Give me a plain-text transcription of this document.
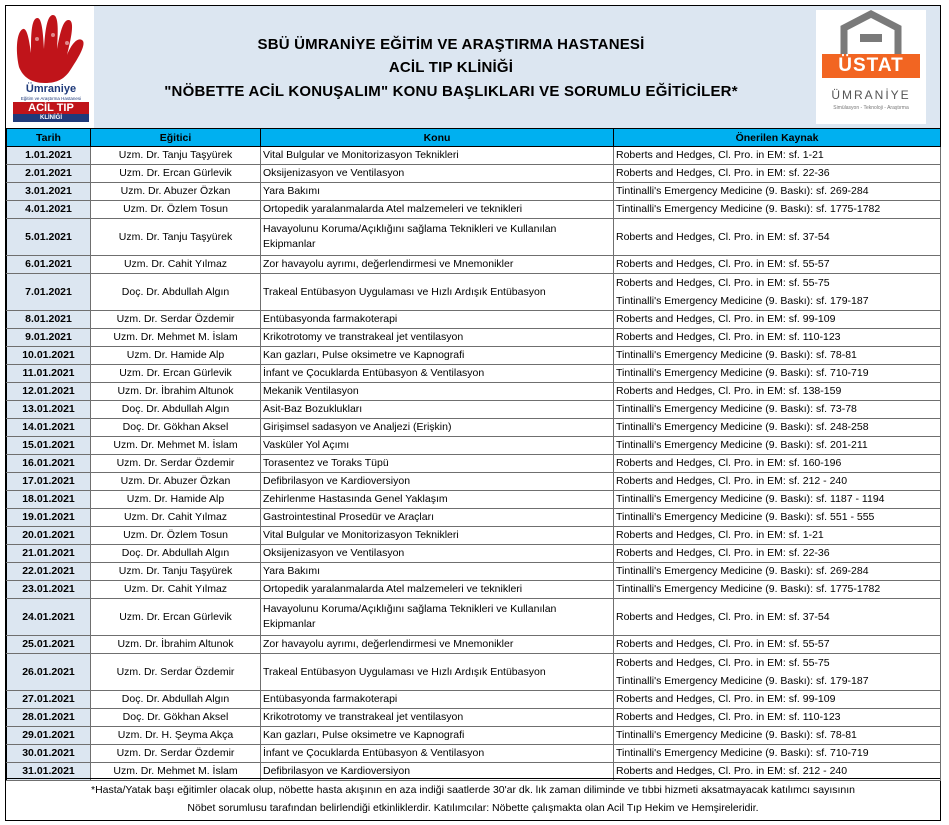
Ümraniye
Eğitim ve Araştırma Hastanesi
ACİL TIP
KLİNİĞİ
SBÜ ÜMRANİYE EĞİTİM VE ARAŞTIRMA HASTANESİ
ACİL TIP KLİNİĞİ
"NÖBETTE ACİL KONUŞALIM" KONU BAŞLIKLARI VE SORUMLU EĞİTİCİLER*
ÜSTAT
ÜMRANİYE
Simülasyon - Teknoloji - Araştırma
Tarih	Eğitici	Konu	Önerilen Kaynak
1.01.2021	Uzm. Dr. Tanju Taşyürek	Vital Bulgular ve Monitorizasyon Teknikleri	Roberts and Hedges, Cl. Pro. in EM: sf. 1-21

2.01.2021	Uzm. Dr. Ercan Gürlevik	Oksijenizasyon ve Ventilasyon	Roberts and Hedges, Cl. Pro. in EM: sf. 22-36

3.01.2021	Uzm. Dr. Abuzer Özkan	Yara Bakımı	Tintinalli's Emergency Medicine (9. Baskı): sf. 269-284

4.01.2021	Uzm. Dr. Özlem Tosun	Ortopedik yaralanmalarda Atel malzemeleri ve teknikleri	Tintinalli's Emergency Medicine (9. Baskı): sf. 1775-1782

5.01.2021	Uzm. Dr. Tanju Taşyürek	Havayolunu Koruma/Açıklığını sağlama Teknikleri ve Kullanılan Ekipmanlar	Roberts and Hedges, Cl. Pro. in EM: sf. 37-54

6.01.2021	Uzm. Dr. Cahit Yılmaz	Zor havayolu ayrımı, değerlendirmesi ve Mnemonikler	Roberts and Hedges, Cl. Pro. in EM: sf. 55-57

7.01.2021	Doç. Dr. Abdullah Algın	Trakeal Entübasyon Uygulaması ve Hızlı Ardışık Entübasyon	Roberts and Hedges, Cl. Pro. in EM: sf. 55-75
Tintinalli's Emergency Medicine (9. Baskı): sf. 179-187

8.01.2021	Uzm. Dr. Serdar Özdemir	Entübasyonda farmakoterapi	Roberts and Hedges, Cl. Pro. in EM: sf. 99-109

9.01.2021	Uzm. Dr. Mehmet M. İslam	Krikotrotomy ve transtrakeal jet ventilasyon	Roberts and Hedges, Cl. Pro. in EM: sf. 110-123

10.01.2021	Uzm. Dr. Hamide Alp	Kan gazları, Pulse oksimetre ve Kapnografi	Tintinalli's Emergency Medicine (9. Baskı): sf. 78-81

11.01.2021	Uzm. Dr. Ercan Gürlevik	İnfant ve Çocuklarda Entübasyon & Ventilasyon	Tintinalli's Emergency Medicine (9. Baskı): sf. 710-719

12.01.2021	Uzm. Dr. İbrahim Altunok	Mekanik Ventilasyon	Roberts and Hedges, Cl. Pro. in EM: sf. 138-159

13.01.2021	Doç. Dr. Abdullah Algın	Asit-Baz Bozuklukları	Tintinalli's Emergency Medicine (9. Baskı): sf. 73-78

14.01.2021	Doç. Dr. Gökhan Aksel	Girişimsel sadasyon ve Analjezi (Erişkin)	Tintinalli's Emergency Medicine (9. Baskı): sf. 248-258

15.01.2021	Uzm. Dr. Mehmet M. İslam	Vasküler Yol Açımı	Tintinalli's Emergency Medicine (9. Baskı): sf. 201-211

16.01.2021	Uzm. Dr. Serdar Özdemir	Torasentez ve Toraks Tüpü	Roberts and Hedges, Cl. Pro. in EM: sf. 160-196

17.01.2021	Uzm. Dr. Abuzer Özkan	Defibrilasyon ve Kardioversiyon	Roberts and Hedges, Cl. Pro. in EM: sf. 212 - 240

18.01.2021	Uzm. Dr. Hamide Alp	Zehirlenme Hastasında Genel Yaklaşım	Tintinalli's Emergency Medicine (9. Baskı): sf. 1187 - 1194

19.01.2021	Uzm. Dr. Cahit Yılmaz	Gastrointestinal Prosedür ve Araçları	Tintinalli's Emergency Medicine (9. Baskı): sf. 551 - 555

20.01.2021	Uzm. Dr. Özlem Tosun	Vital Bulgular ve Monitorizasyon Teknikleri	Roberts and Hedges, Cl. Pro. in EM: sf. 1-21

21.01.2021	Doç. Dr. Abdullah Algın	Oksijenizasyon ve Ventilasyon	Roberts and Hedges, Cl. Pro. in EM: sf. 22-36

22.01.2021	Uzm. Dr. Tanju Taşyürek	Yara Bakımı	Tintinalli's Emergency Medicine (9. Baskı): sf. 269-284

23.01.2021	Uzm. Dr. Cahit Yılmaz	Ortopedik yaralanmalarda Atel malzemeleri ve teknikleri	Tintinalli's Emergency Medicine (9. Baskı): sf. 1775-1782

24.01.2021	Uzm. Dr. Ercan Gürlevik	Havayolunu Koruma/Açıklığını sağlama Teknikleri ve Kullanılan Ekipmanlar	Roberts and Hedges, Cl. Pro. in EM: sf. 37-54

25.01.2021	Uzm. Dr. İbrahim Altunok	Zor havayolu ayrımı, değerlendirmesi ve Mnemonikler	Roberts and Hedges, Cl. Pro. in EM: sf. 55-57

26.01.2021	Uzm. Dr. Serdar Özdemir	Trakeal Entübasyon Uygulaması ve Hızlı Ardışık Entübasyon	Roberts and Hedges, Cl. Pro. in EM: sf. 55-75
Tintinalli's Emergency Medicine (9. Baskı): sf. 179-187

27.01.2021	Doç. Dr. Abdullah Algın	Entübasyonda farmakoterapi	Roberts and Hedges, Cl. Pro. in EM: sf. 99-109

28.01.2021	Doç. Dr. Gökhan Aksel	Krikotrotomy ve transtrakeal jet ventilasyon	Roberts and Hedges, Cl. Pro. in EM: sf. 110-123

29.01.2021	Uzm. Dr. H. Şeyma Akça	Kan gazları, Pulse oksimetre ve Kapnografi	Tintinalli's Emergency Medicine (9. Baskı): sf. 78-81

30.01.2021	Uzm. Dr. Serdar Özdemir	İnfant ve Çocuklarda Entübasyon & Ventilasyon	Tintinalli's Emergency Medicine (9. Baskı): sf. 710-719

31.01.2021	Uzm. Dr. Mehmet M. İslam	Defibrilasyon ve Kardioversiyon	Roberts and Hedges, Cl. Pro. in EM: sf. 212 - 240
*Hasta/Yatak başı eğitimler olacak olup, nöbette hasta akışının en aza indiği saatlerde 30'ar dk. lık zaman diliminde ve tıbbi hizmeti aksatmayacak katılımcı sayısının
Nöbet sorumlusu tarafından belirlendiği etkinliklerdir. Katılımcılar: Nöbette çalışmakta olan Acil Tıp Hekim ve Hemşireleridir.
